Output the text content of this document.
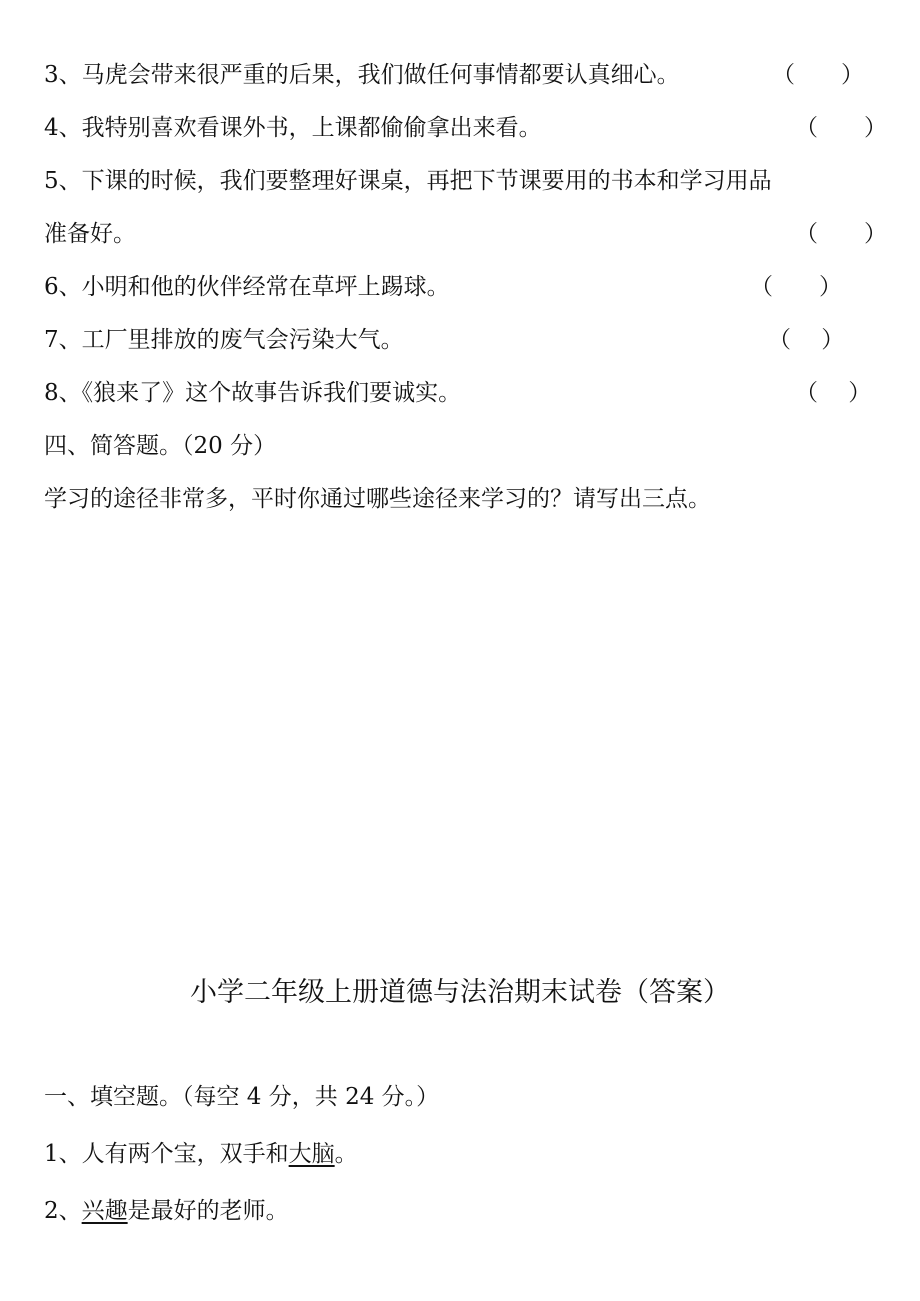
3、马虎会带来很严重的后果，我们做任何事情都要认真细心。	（　　）
4、我特别喜欢看课外书，上课都偷偷拿出来看。	（　　）
5、下课的时候，我们要整理好课桌，再把下节课要用的书本和学习用品
准备好。	（　　）
6、小明和他的伙伴经常在草坪上踢球。	（　　）
7、工厂里排放的废气会污染大气。	（　 ）
8、《狼来了》这个故事告诉我们要诚实。	（　 ）
四、简答题。（20 分）
学习的途径非常多，平时你通过哪些途径来学习的？请写出三点。
小学二年级上册道德与法治期末试卷（答案）
一、填空题。（每空 4 分，共 24 分。）
1、人有两个宝，双手和大脑。
2、兴趣是最好的老师。
